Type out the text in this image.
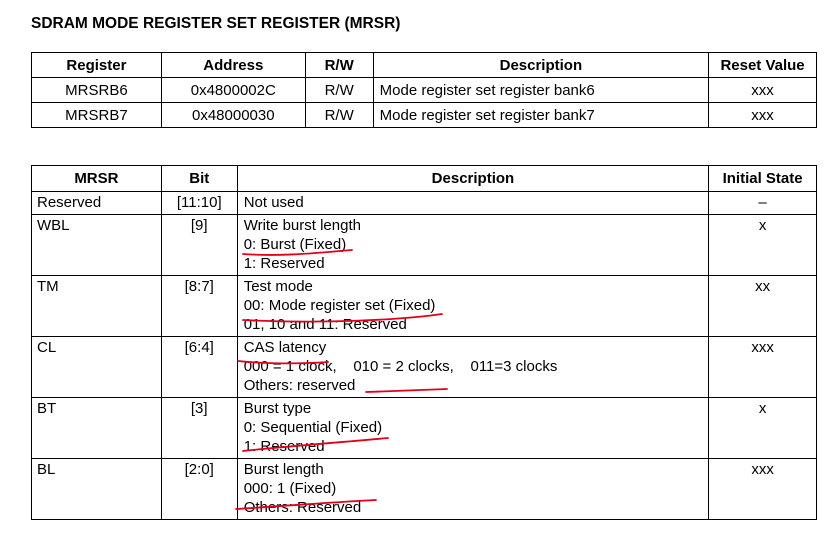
SDRAM MODE REGISTER SET REGISTER (MRSR)
Register	Address	R/W	Description	Reset Value
MRSRB6	0x4800002C	R/W	Mode register set register bank6	xxx
MRSRB7	0x48000030	R/W	Mode register set register bank7	xxx
MRSR	Bit	Description	Initial State
Reserved	[11:10]	Not used	–
WBL	[9]	Write burst length
0: Burst (Fixed)
1: Reserved	x
TM	[8:7]	Test mode
00: Mode register set (Fixed)
01, 10 and 11: Reserved	xx
CL	[6:4]	CAS latency
000 = 1 clock,    010 = 2 clocks,    011=3 clocks
Others: reserved	xxx
BT	[3]	Burst type
0: Sequential (Fixed)
1: Reserved	x
BL	[2:0]	Burst length
000: 1 (Fixed)
Others: Reserved	xxx
